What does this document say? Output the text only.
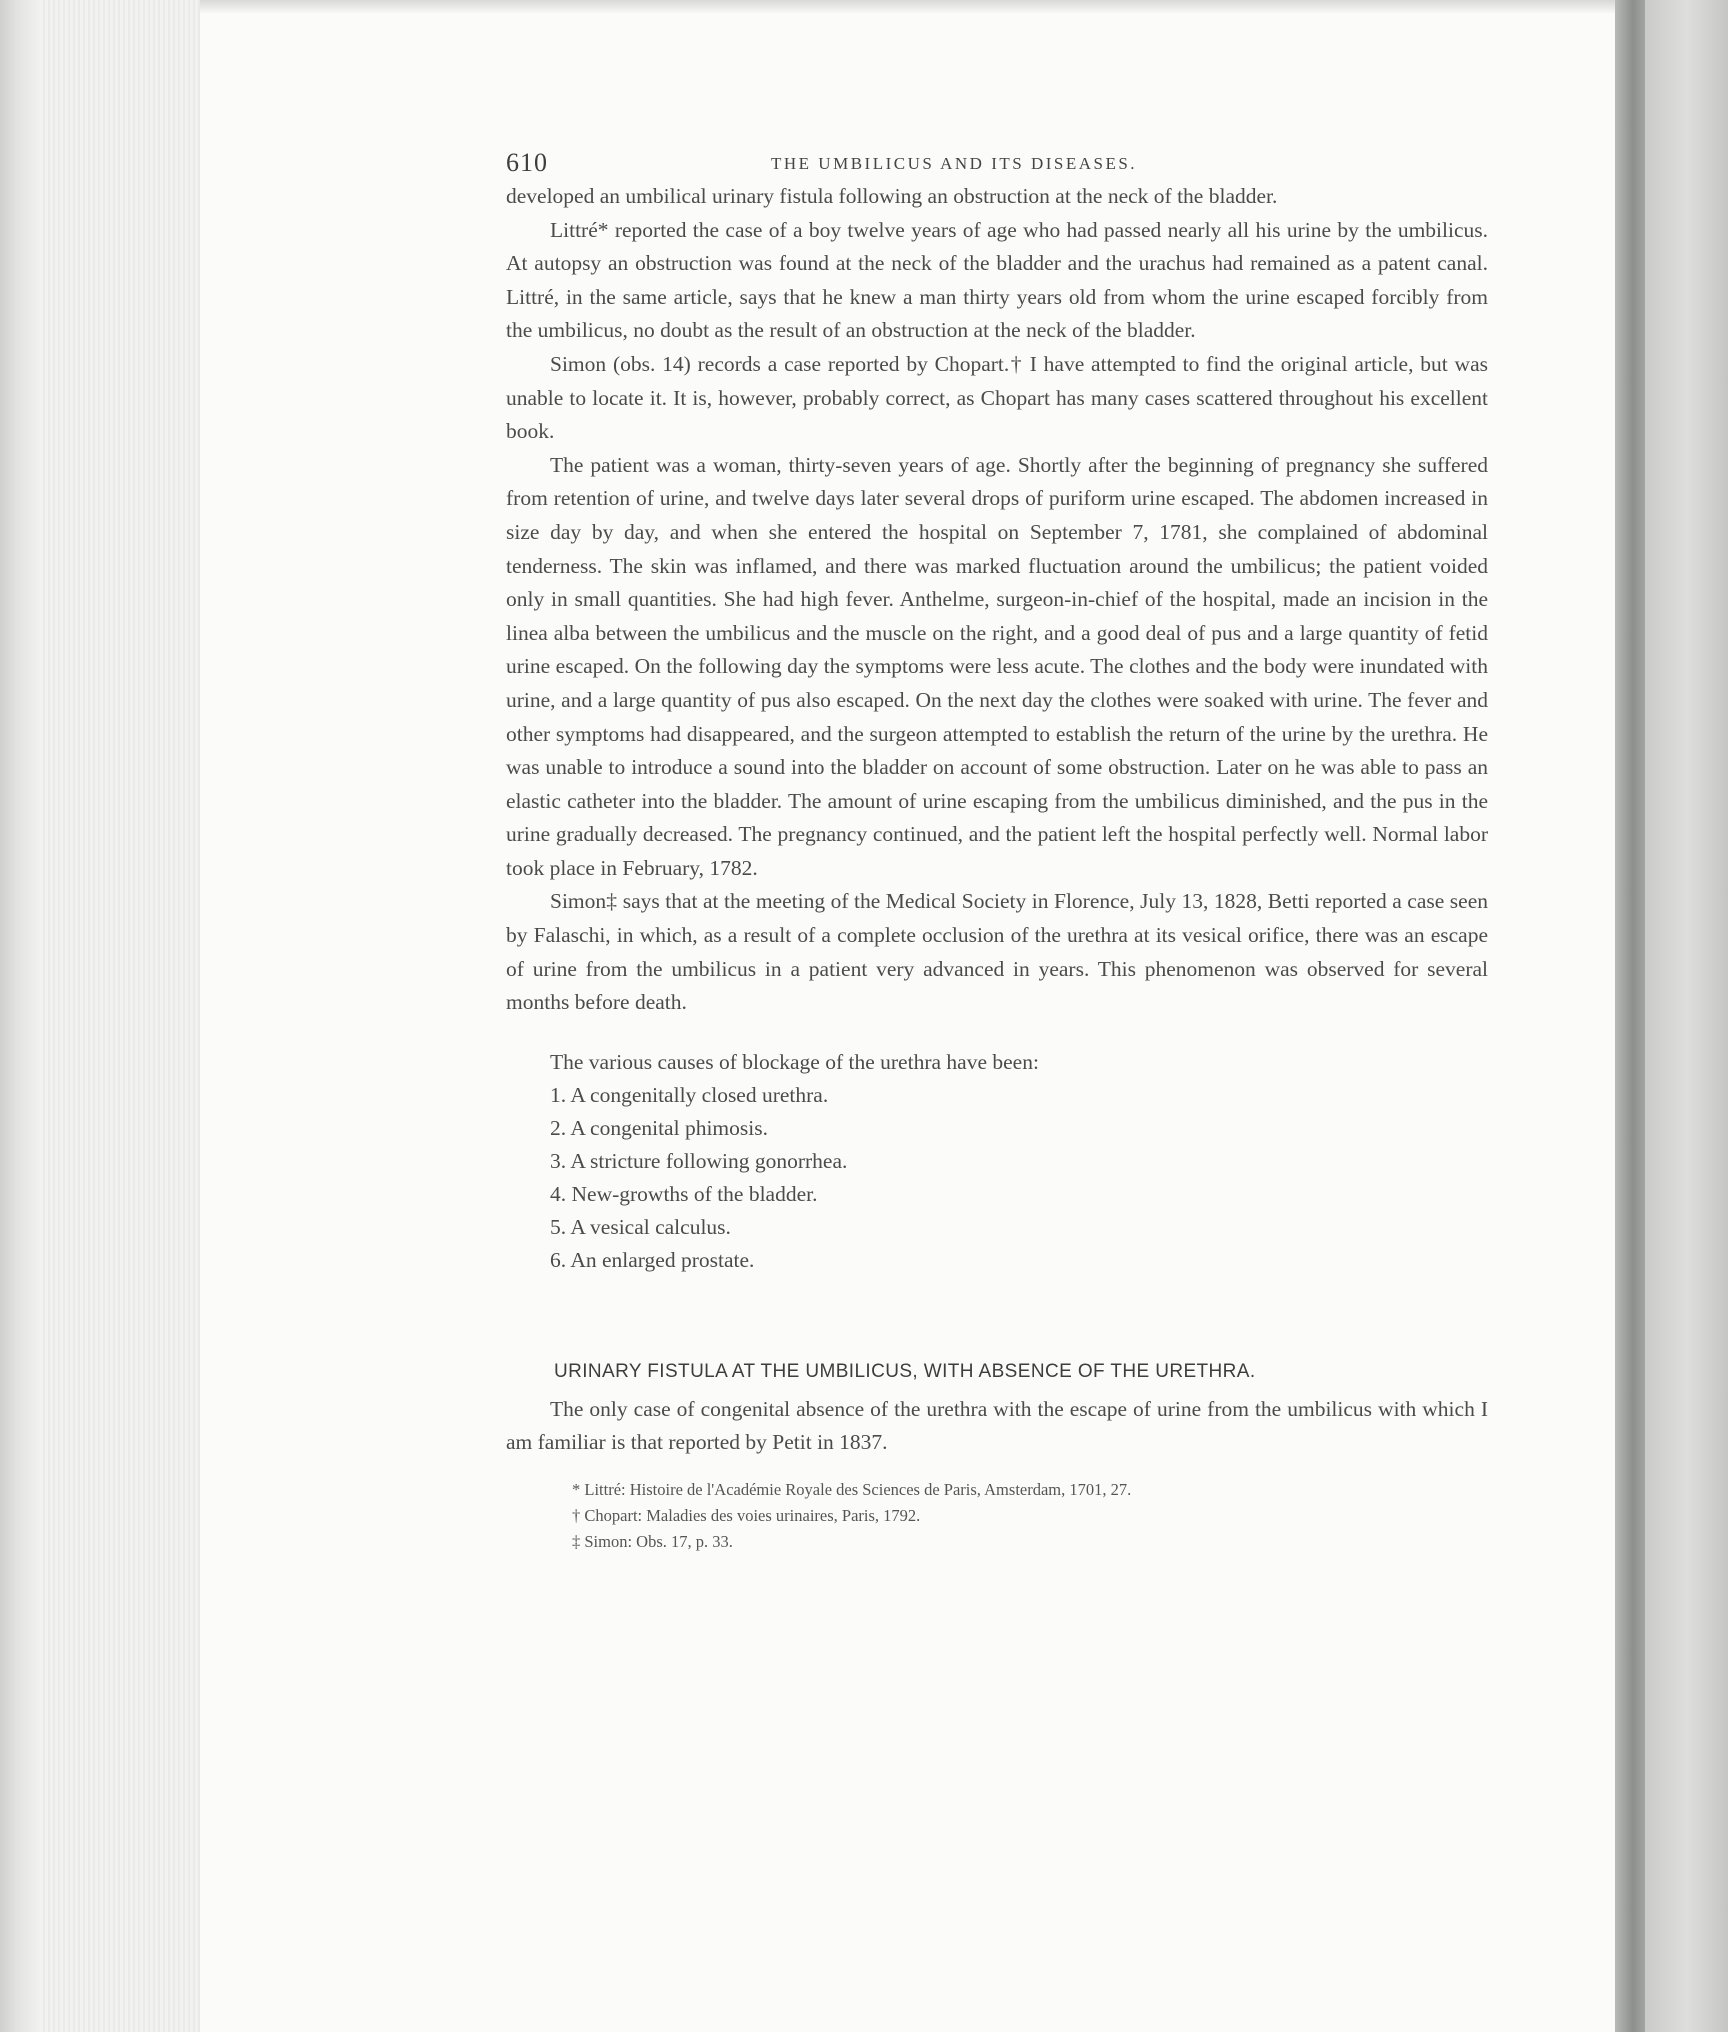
610	THE UMBILICUS AND ITS DISEASES.

developed an umbilical urinary fistula following an obstruction at the neck of the bladder.

Littré* reported the case of a boy twelve years of age who had passed nearly all his urine by the umbilicus. At autopsy an obstruction was found at the neck of the bladder and the urachus had remained as a patent canal. Littré, in the same article, says that he knew a man thirty years old from whom the urine escaped forcibly from the umbilicus, no doubt as the result of an obstruction at the neck of the bladder.

Simon (obs. 14) records a case reported by Chopart.† I have attempted to find the original article, but was unable to locate it. It is, however, probably correct, as Chopart has many cases scattered throughout his excellent book.

The patient was a woman, thirty-seven years of age. Shortly after the beginning of pregnancy she suffered from retention of urine, and twelve days later several drops of puriform urine escaped. The abdomen increased in size day by day, and when she entered the hospital on September 7, 1781, she complained of abdominal tenderness. The skin was inflamed, and there was marked fluctuation around the umbilicus; the patient voided only in small quantities. She had high fever. Anthelme, surgeon-in-chief of the hospital, made an incision in the linea alba between the umbilicus and the muscle on the right, and a good deal of pus and a large quantity of fetid urine escaped. On the following day the symptoms were less acute. The clothes and the body were inundated with urine, and a large quantity of pus also escaped. On the next day the clothes were soaked with urine. The fever and other symptoms had disappeared, and the surgeon attempted to establish the return of the urine by the urethra. He was unable to introduce a sound into the bladder on account of some obstruction. Later on he was able to pass an elastic catheter into the bladder. The amount of urine escaping from the umbilicus diminished, and the pus in the urine gradually decreased. The pregnancy continued, and the patient left the hospital perfectly well. Normal labor took place in February, 1782.

Simon‡ says that at the meeting of the Medical Society in Florence, July 13, 1828, Betti reported a case seen by Falaschi, in which, as a result of a complete occlusion of the urethra at its vesical orifice, there was an escape of urine from the umbilicus in a patient very advanced in years. This phenomenon was observed for several months before death.

The various causes of blockage of the urethra have been:

1. A congenitally closed urethra.
2. A congenital phimosis.
3. A stricture following gonorrhea.
4. New-growths of the bladder.
5. A vesical calculus.
6. An enlarged prostate.
URINARY FISTULA AT THE UMBILICUS, WITH ABSENCE OF THE URETHRA.

The only case of congenital absence of the urethra with the escape of urine from the umbilicus with which I am familiar is that reported by Petit in 1837.

* Littré: Histoire de l'Académie Royale des Sciences de Paris, Amsterdam, 1701, 27.

† Chopart: Maladies des voies urinaires, Paris, 1792.

‡ Simon: Obs. 17, p. 33.
